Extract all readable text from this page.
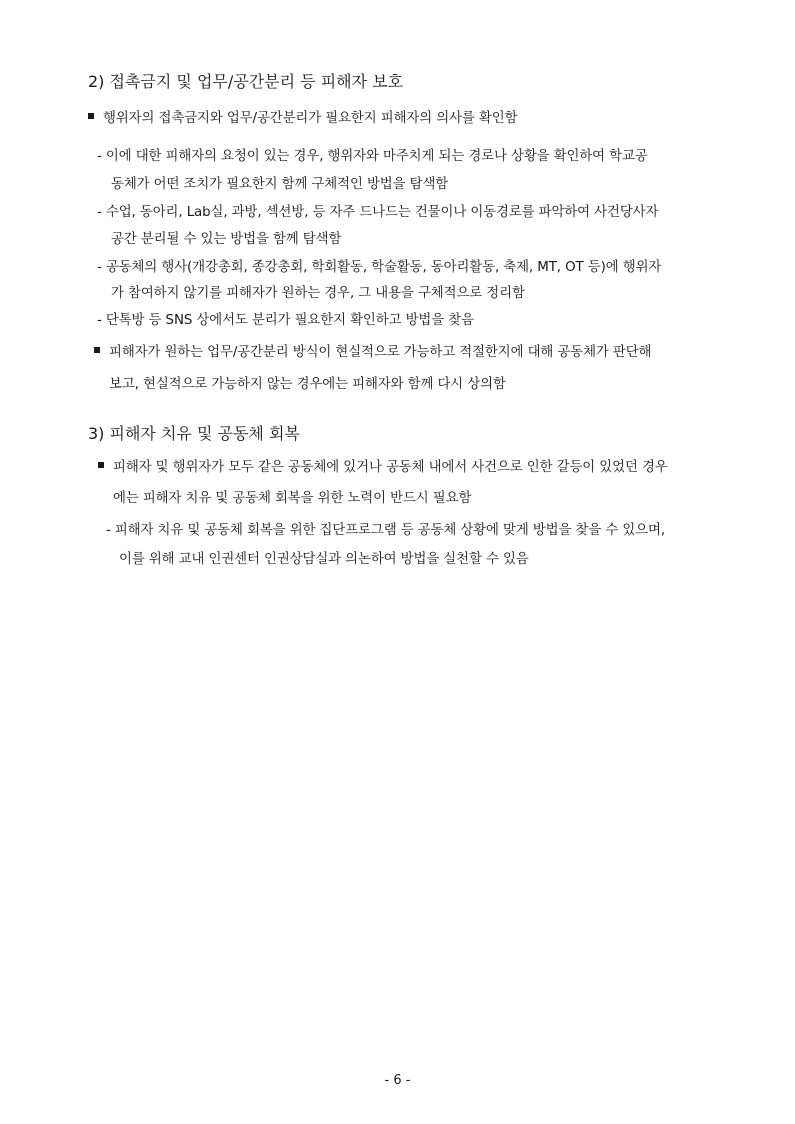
2) 접촉금지 및 업무/공간분리 등 피해자 보호
행위자의 접촉금지와 업무/공간분리가 필요한지 피해자의 의사를 확인함
- 이에 대한 피해자의 요청이 있는 경우, 행위자와 마주치게 되는 경로나 상황을 확인하여 학교공
동체가 어떤 조치가 필요한지 함께 구체적인 방법을 탐색함
- 수업, 동아리, Lab실, 과방, 섹션방, 등 자주 드나드는 건물이나 이동경로를 파악하여 사건당사자
공간 분리될 수 있는 방법을 함께 탐색함
- 공동체의 행사(개강총회, 종강총회, 학회활동, 학술활동, 동아리활동, 축제, MT, OT 등)에 행위자
가 참여하지 않기를 피해자가 원하는 경우, 그 내용을 구체적으로 정리함
- 단톡방 등 SNS 상에서도 분리가 필요한지 확인하고 방법을 찾음
피해자가 원하는 업무/공간분리 방식이 현실적으로 가능하고 적절한지에 대해 공동체가 판단해
보고, 현실적으로 가능하지 않는 경우에는 피해자와 함께 다시 상의함
3) 피해자 치유 및 공동체 회복
피해자 및 행위자가 모두 같은 공동체에 있거나 공동체 내에서 사건으로 인한 갈등이 있었던 경우
에는 피해자 치유 및 공동체 회복을 위한 노력이 반드시 필요함
- 피해자 치유 및 공동체 회복을 위한 집단프로그램 등 공동체 상황에 맞게 방법을 찾을 수 있으며,
이를 위해 교내 인권센터 인권상담실과 의논하여 방법을 실천할 수 있음
- 6 -
